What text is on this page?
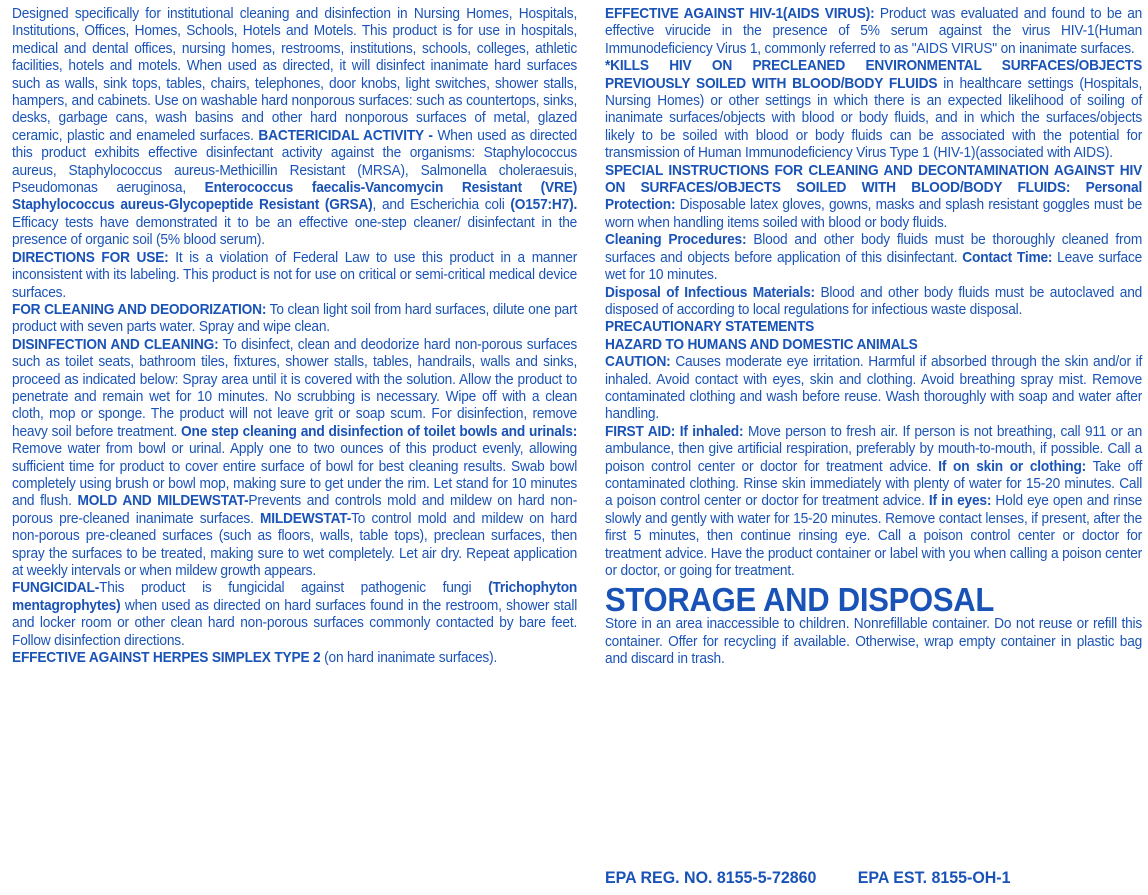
Designed specifically for institutional cleaning and disinfection in Nursing Homes, Hospitals, Institutions, Offices, Homes, Schools, Hotels and Motels. This product is for use in hospitals, medical and dental offices, nursing homes, restrooms, institutions, schools, colleges, athletic facilities, hotels and motels. When used as directed, it will disinfect inanimate hard surfaces such as walls, sink tops, tables, chairs, telephones, door knobs, light switches, shower stalls, hampers, and cabinets. Use on washable hard nonporous surfaces: such as countertops, sinks, desks, garbage cans, wash basins and other hard nonporous surfaces of metal, glazed ceramic, plastic and enameled surfaces. BACTERICIDAL ACTIVITY - When used as directed this product exhibits effective disinfectant activity against the organisms: Staphylococcus aureus, Staphylococcus aureus-Methicillin Resistant (MRSA), Salmonella choleraesuis, Pseudomonas aeruginosa, Enterococcus faecalis-Vancomycin Resistant (VRE) Staphylococcus aureus-Glycopeptide Resistant (GRSA), and Escherichia coli (O157:H7). Efficacy tests have demonstrated it to be an effective one-step cleaner/ disinfectant in the presence of organic soil (5% blood serum).

DIRECTIONS FOR USE: It is a violation of Federal Law to use this product in a manner inconsistent with its labeling. This product is not for use on critical or semi-critical medical device surfaces.

FOR CLEANING AND DEODORIZATION: To clean light soil from hard surfaces, dilute one part product with seven parts water. Spray and wipe clean.

DISINFECTION AND CLEANING: To disinfect, clean and deodorize hard non-porous surfaces such as toilet seats, bathroom tiles, fixtures, shower stalls, tables, handrails, walls and sinks, proceed as indicated below: Spray area until it is covered with the solution. Allow the product to penetrate and remain wet for 10 minutes. No scrubbing is necessary. Wipe off with a clean cloth, mop or sponge. The product will not leave grit or soap scum. For disinfection, remove heavy soil before treatment. One step cleaning and disinfection of toilet bowls and urinals: Remove water from bowl or urinal. Apply one to two ounces of this product evenly, allowing sufficient time for product to cover entire surface of bowl for best cleaning results. Swab bowl completely using brush or bowl mop, making sure to get under the rim. Let stand for 10 minutes and flush. MOLD AND MILDEWSTAT-Prevents and controls mold and mildew on hard non-porous pre-cleaned inanimate surfaces. MILDEWSTAT-To control mold and mildew on hard non-porous pre-cleaned surfaces (such as floors, walls, table tops), preclean surfaces, then spray the surfaces to be treated, making sure to wet completely. Let air dry. Repeat application at weekly intervals or when mildew growth appears.

FUNGICIDAL-This product is fungicidal against pathogenic fungi (Trichophyton mentagrophytes) when used as directed on hard surfaces found in the restroom, shower stall and locker room or other clean hard non-porous surfaces commonly contacted by bare feet. Follow disinfection directions.

EFFECTIVE AGAINST HERPES SIMPLEX TYPE 2 (on hard inanimate surfaces).

EFFECTIVE AGAINST HIV-1(AIDS VIRUS): Product was evaluated and found to be an effective virucide in the presence of 5% serum against the virus HIV-1(Human Immunodeficiency Virus 1, commonly referred to as "AIDS VIRUS" on inanimate surfaces.

*KILLS HIV ON PRECLEANED ENVIRONMENTAL SURFACES/OBJECTS PREVIOUSLY SOILED WITH BLOOD/BODY FLUIDS in healthcare settings (Hospitals, Nursing Homes) or other settings in which there is an expected likelihood of soiling of inanimate surfaces/objects with blood or body fluids, and in which the surfaces/objects likely to be soiled with blood or body fluids can be associated with the potential for transmission of Human Immunodeficiency Virus Type 1 (HIV-1)(associated with AIDS).

SPECIAL INSTRUCTIONS FOR CLEANING AND DECONTAMINATION AGAINST HIV ON SURFACES/OBJECTS SOILED WITH BLOOD/BODY FLUIDS: Personal Protection: Disposable latex gloves, gowns, masks and splash resistant goggles must be worn when handling items soiled with blood or body fluids.

Cleaning Procedures: Blood and other body fluids must be thoroughly cleaned from surfaces and objects before application of this disinfectant. Contact Time: Leave surface wet for 10 minutes.

Disposal of Infectious Materials: Blood and other body fluids must be autoclaved and disposed of according to local regulations for infectious waste disposal.

PRECAUTIONARY STATEMENTS

HAZARD TO HUMANS AND DOMESTIC ANIMALS

CAUTION: Causes moderate eye irritation. Harmful if absorbed through the skin and/or if inhaled. Avoid contact with eyes, skin and clothing. Avoid breathing spray mist. Remove contaminated clothing and wash before reuse. Wash thoroughly with soap and water after handling.

FIRST AID: If inhaled: Move person to fresh air. If person is not breathing, call 911 or an ambulance, then give artificial respiration, preferably by mouth-to-mouth, if possible. Call a poison control center or doctor for treatment advice. If on skin or clothing: Take off contaminated clothing. Rinse skin immediately with plenty of water for 15-20 minutes. Call a poison control center or doctor for treatment advice. If in eyes: Hold eye open and rinse slowly and gently with water for 15-20 minutes. Remove contact lenses, if present, after the first 5 minutes, then continue rinsing eye. Call a poison control center or doctor for treatment advice. Have the product container or label with you when calling a poison center or doctor, or going for treatment.

STORAGE AND DISPOSAL

Store in an area inaccessible to children. Nonrefillable container. Do not reuse or refill this container. Offer for recycling if available. Otherwise, wrap empty container in plastic bag and discard in trash.

EPA REG. NO. 8155-5-72860 EPA EST. 8155-OH-1
